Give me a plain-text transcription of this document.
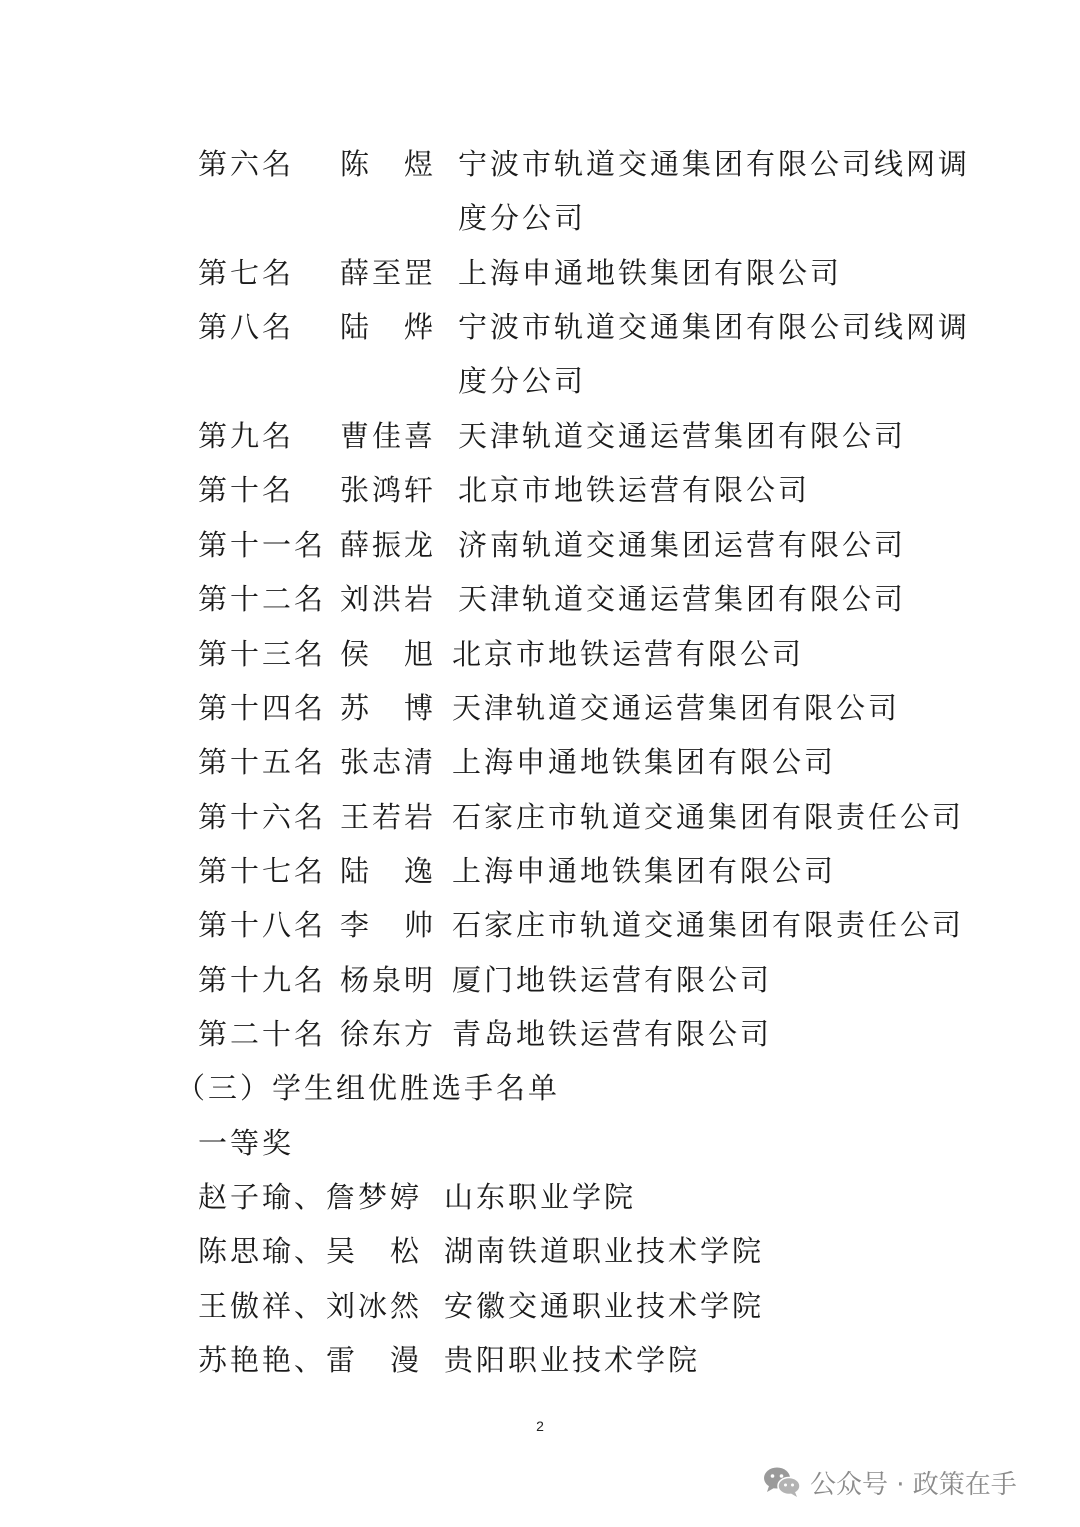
第六名 陈　煜 宁波市轨道交通集团有限公司线网调
度分公司
第七名 薛至罡 上海申通地铁集团有限公司
第八名 陆　烨 宁波市轨道交通集团有限公司线网调
度分公司
第九名 曹佳喜 天津轨道交通运营集团有限公司
第十名 张鸿轩 北京市地铁运营有限公司
第十一名 薛振龙 济南轨道交通集团运营有限公司
第十二名 刘洪岩 天津轨道交通运营集团有限公司
第十三名 侯　旭 北京市地铁运营有限公司
第十四名 苏　博 天津轨道交通运营集团有限公司
第十五名 张志清 上海申通地铁集团有限公司
第十六名 王若岩 石家庄市轨道交通集团有限责任公司
第十七名 陆　逸 上海申通地铁集团有限公司
第十八名 李　帅 石家庄市轨道交通集团有限责任公司
第十九名 杨泉明 厦门地铁运营有限公司
第二十名 徐东方 青岛地铁运营有限公司
（三）学生组优胜选手名单
一等奖
赵子瑜、詹梦婷 山东职业学院
陈思瑜、吴　松 湖南铁道职业技术学院
王傲祥、刘冰然 安徽交通职业技术学院
苏艳艳、雷　漫 贵阳职业技术学院
2
公众号 · 政策在手
